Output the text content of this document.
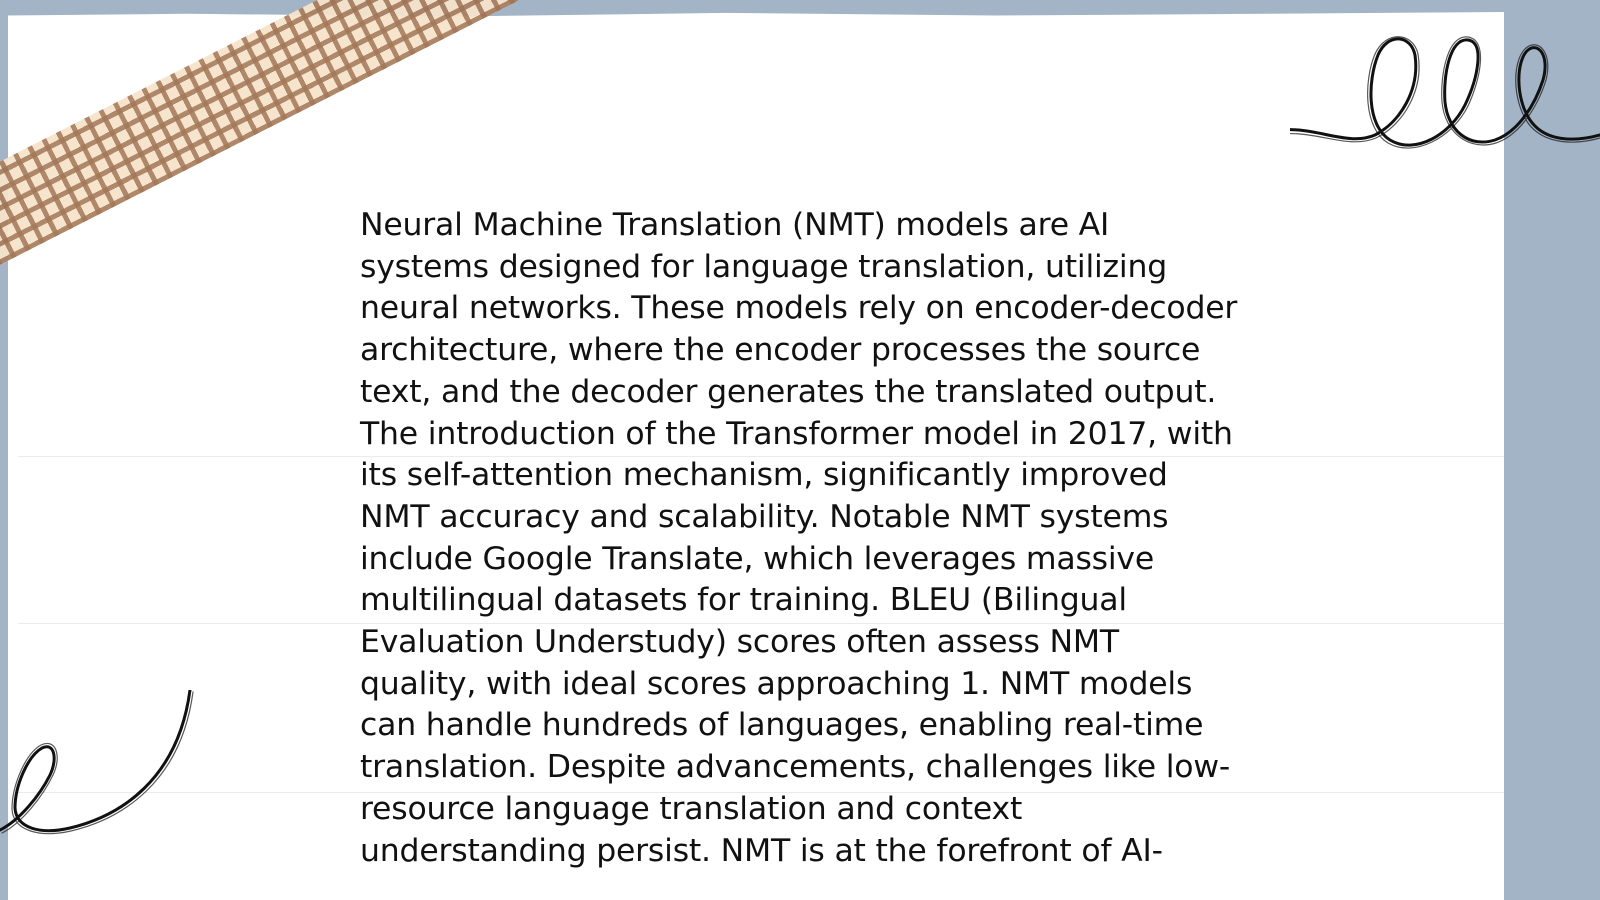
Neural Machine Translation (NMT) models are AI systems designed for language translation, utilizing neural networks. These models rely on encoder-decoder architecture, where the encoder processes the source text, and the decoder generates the translated output. The introduction of the Transformer model in 2017, with its self-attention mechanism, significantly improved NMT accuracy and scalability. Notable NMT systems include Google Translate, which leverages massive multilingual datasets for training. BLEU (Bilingual Evaluation Understudy) scores often assess NMT quality, with ideal scores approaching 1. NMT models can handle hundreds of languages, enabling real-time translation. Despite advancements, challenges like low-resource language translation and context understanding persist. NMT is at the forefront of AI-
